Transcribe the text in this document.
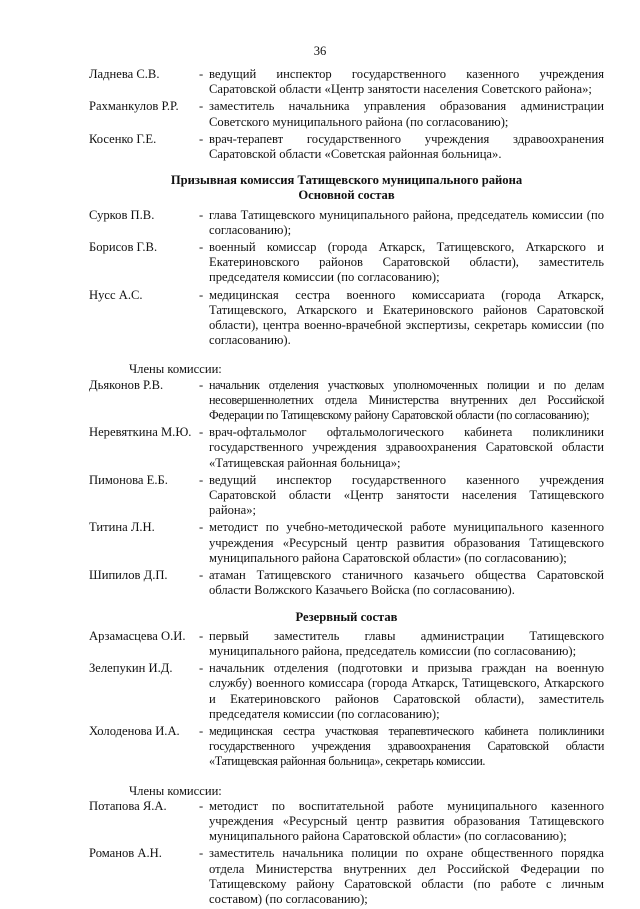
36
Ладнева С.В.	- ведущий инспектор государственного казенного учреждения Саратовской области «Центр занятости населения Советского района»;
Рахманкулов Р.Р.	- заместитель начальника управления образования администрации Советского муниципального района (по согласованию);
Косенко Г.Е.	- врач-терапевт государственного учреждения здравоохранения Саратовской области «Советская районная больница».
Призывная комиссия Татищевского муниципального района
Основной состав
Сурков П.В.	- глава Татищевского муниципального района, председатель комиссии (по согласованию);
Борисов Г.В.	- военный комиссар (города Аткарск, Татищевского, Аткарского и Екатериновского районов Саратовской области), заместитель председателя комиссии (по согласованию);
Нусс А.С.	- медицинская сестра военного комиссариата (города Аткарск, Татищевского, Аткарского и Екатериновского районов Саратовской области), центра военно-врачебной экспертизы, секретарь комиссии (по согласованию).
Члены комиссии:
Дьяконов Р.В.	- начальник отделения участковых уполномоченных полиции и по делам несовершеннолетних отдела Министерства внутренних дел Российской Федерации по Татищевскому району Саратовской области (по согласованию);
Неревяткина М.Ю. - врач-офтальмолог офтальмологического кабинета поликлиники государственного учреждения здравоохранения Саратовской области «Татищевская районная больница»;
Пимонова Е.Б.	- ведущий инспектор государственного казенного учреждения Саратовской области «Центр занятости населения Татищевского района»;
Титина Л.Н.	- методист по учебно-методической работе муниципального казенного учреждения «Ресурсный центр развития образования Татищевского муниципального района Саратовской области» (по согласованию);
Шипилов Д.П.	- атаман Татищевского станичного казачьего общества Саратовской области Волжского Казачьего Войска (по согласованию).
Резервный состав
Арзамасцева О.И.	- первый заместитель главы администрации Татищевского муниципального района, председатель комиссии (по согласованию);
Зелепукин И.Д.	- начальник отделения (подготовки и призыва граждан на военную службу) военного комиссара (города Аткарск, Татищевского, Аткарского и Екатериновского районов Саратовской области), заместитель председателя комиссии (по согласованию);
Холоденова И.А.	- медицинская сестра участковая терапевтического кабинета поликлиники государственного учреждения здравоохранения Саратовской области «Татищевская районная больница», секретарь комиссии.
Члены комиссии:
Потапова Я.А.	- методист по воспитательной работе муниципального казенного учреждения «Ресурсный центр развития образования Татищевского муниципального района Саратовской области» (по согласованию);
Романов А.Н.	- заместитель начальника полиции по охране общественного порядка отдела Министерства внутренних дел Российской Федерации по Татищевскому району Саратовской области (по работе с личным составом) (по согласованию);
